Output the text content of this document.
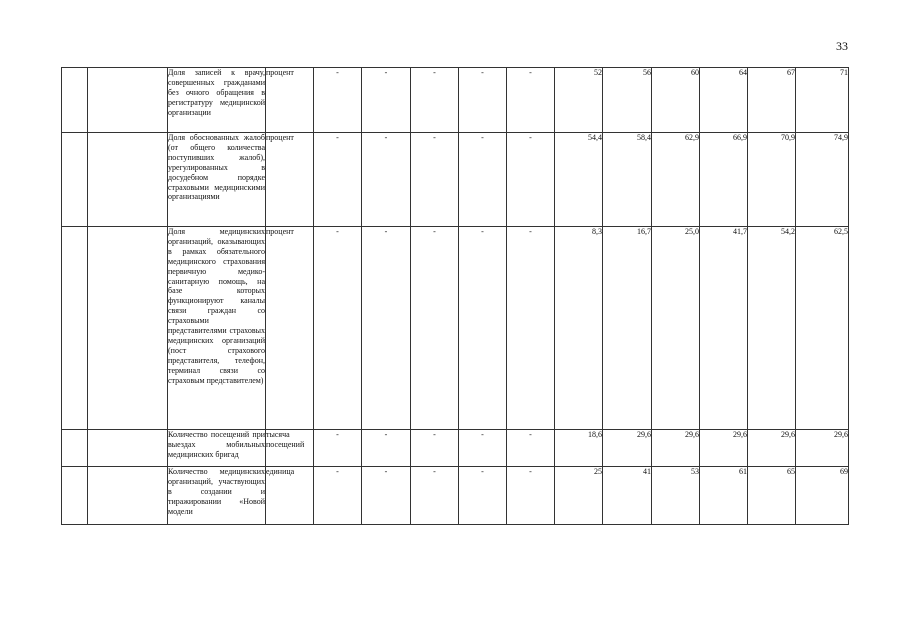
33
		Доля записей к врачу, совершенных гражданами без очного обращения в регистратуру медицинской организации	процент	-	-	-	-	-	52	56	60	64	67	71
		Доля обоснованных жалоб (от общего количества поступивших жалоб), урегулированных в досудебном порядке страховыми медицинскими организациями	процент	-	-	-	-	-	54,4	58,4	62,9	66,9	70,9	74,9
		Доля медицинских организаций, оказывающих в рамках обязательного медицинского страхования первичную медико-санитарную помощь, на базе которых функционируют каналы связи граждан со страховыми представителями страховых медицинских организаций (пост страхового представителя, телефон, терминал связи со страховым представителем)	процент	-	-	-	-	-	8,3	16,7	25,0	41,7	54,2	62,5
		Количество посещений при выездах мобильных медицинских бригад	тысяча посещений	-	-	-	-	-	18,6	29,6	29,6	29,6	29,6	29,6
		Количество медицинских организаций, участвующих в создании и тиражировании «Новой модели	единица	-	-	-	-	-	25	41	53	61	65	69
